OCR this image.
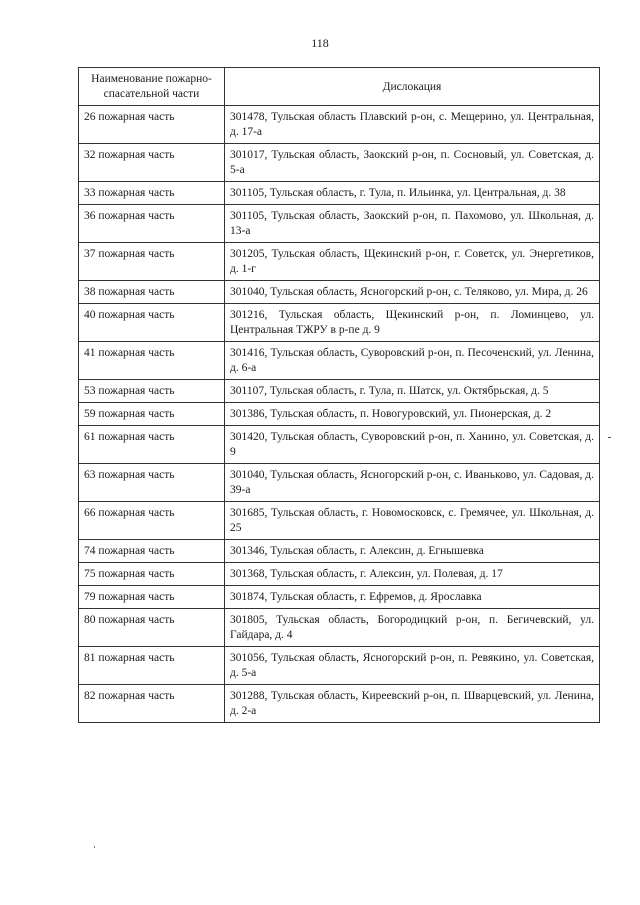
118
Наименование пожарно-спасательной части	Дислокация
26 пожарная часть	301478, Тульская область Плавский р-он, с. Мещерино, ул. Центральная, д. 17-а
32 пожарная часть	301017, Тульская область, Заокский р-он, п. Сосновый, ул. Советская, д. 5-а
33 пожарная часть	301105, Тульская область, г. Тула, п. Ильинка, ул. Центральная, д. 38
36 пожарная часть	301105, Тульская область, Заокский р-он, п. Пахомово, ул. Школьная, д. 13-а
37 пожарная часть	301205, Тульская область, Щекинский р-он, г. Советск, ул. Энергетиков, д. 1-г
38 пожарная часть	301040, Тульская область, Ясногорский р-он, с. Теляково, ул. Мира, д. 26
40 пожарная часть	301216, Тульская область, Щекинский р-он, п. Ломинцево, ул. Центральная ТЖРУ в р-пе д. 9
41 пожарная часть	301416, Тульская область, Суворовский р-он, п. Песоченский, ул. Ленина, д. 6-а
53 пожарная часть	301107, Тульская область, г. Тула, п. Шатск, ул. Октябрьская, д. 5
59 пожарная часть	301386, Тульская область, п. Новогуровский, ул. Пионерская, д. 2
61 пожарная часть	301420, Тульская область, Суворовский р-он, п. Ханино, ул. Советская, д. 9
63 пожарная часть	301040, Тульская область, Ясногорский р-он, с. Иваньково, ул. Садовая, д. 39-а
66 пожарная часть	301685, Тульская область, г. Новомосковск, с. Гремячее, ул. Школьная, д. 25
74 пожарная часть	301346, Тульская область, г. Алексин, д. Егнышевка
75 пожарная часть	301368, Тульская область, г. Алексин, ул. Полевая, д. 17
79 пожарная часть	301874, Тульская область, г. Ефремов, д. Ярославка
80 пожарная часть	301805, Тульская область, Богородицкий р-он, п. Бегичевский, ул. Гайдара, д. 4
81 пожарная часть	301056, Тульская область, Ясногорский р-он, п. Ревякино, ул. Советская, д. 5-а
82 пожарная часть	301288, Тульская область, Киреевский р-он, п. Шварцевский, ул. Ленина, д. 2-а
